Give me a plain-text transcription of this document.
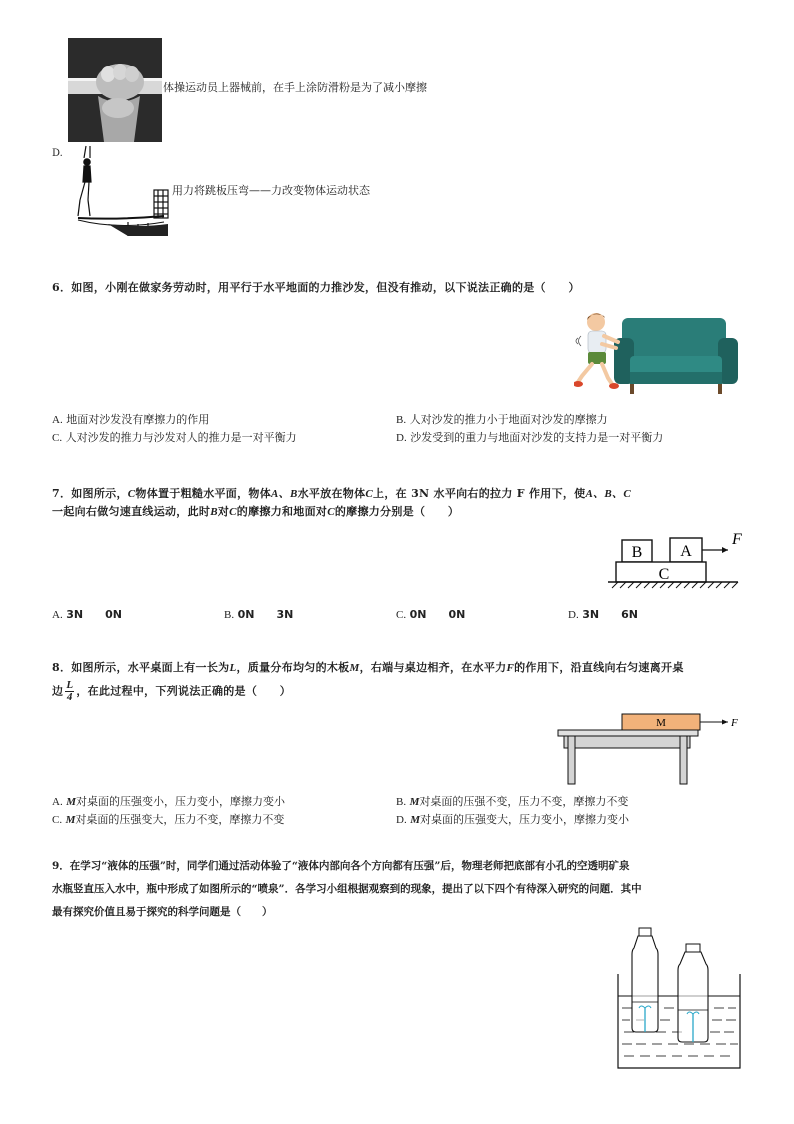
体操运动员上器械前，在手上涂防滑粉是为了减小摩擦
D.
用力将跳板压弯——力改变物体运动状态
6．如图，小刚在做家务劳动时，用平行于水平地面的力推沙发，但没有推动，以下说法正确的是（　　）
A. 地面对沙发没有摩擦力的作用	B. 人对沙发的推力小于地面对沙发的摩擦力
C. 人对沙发的推力与沙发对人的推力是一对平衡力	D. 沙发受到的重力与地面对沙发的支持力是一对平衡力
7．如图所示，C物体置于粗糙水平面，物体A、B水平放在物体C上，在 3N 水平向右的拉力 F 作用下，使A、B、C
一起向右做匀速直线运动，此时B对C的摩擦力和地面对C的摩擦力分别是（　　）
B A
C
F
A. 3N　　0N	B. 0N　　3N	C. 0N　　0N	D. 3N　　6N
8．如图所示，水平桌面上有一长为L，质量分布均匀的木板M，右端与桌边相齐，在水平力F的作用下，沿直线向右匀速离开桌
边 $\frac{L}{4}$ ，在此过程中，下列说法正确的是（　　）
M	F
A. M对桌面的压强变小，压力变小，摩擦力变小	B. M对桌面的压强不变，压力不变，摩擦力不变
C. M对桌面的压强变大，压力不变，摩擦力不变	D. M对桌面的压强变大，压力变小，摩擦力变小
9．在学习“液体的压强”时，同学们通过活动体验了“液体内部向各个方向都有压强”后，物理老师把底部有小孔的空透明矿泉
水瓶竖直压入水中，瓶中形成了如图所示的“喷泉”．各学习小组根据观察到的现象，提出了以下四个有待深入研究的问题．其中
最有探究价值且易于探究的科学问题是（　　）
